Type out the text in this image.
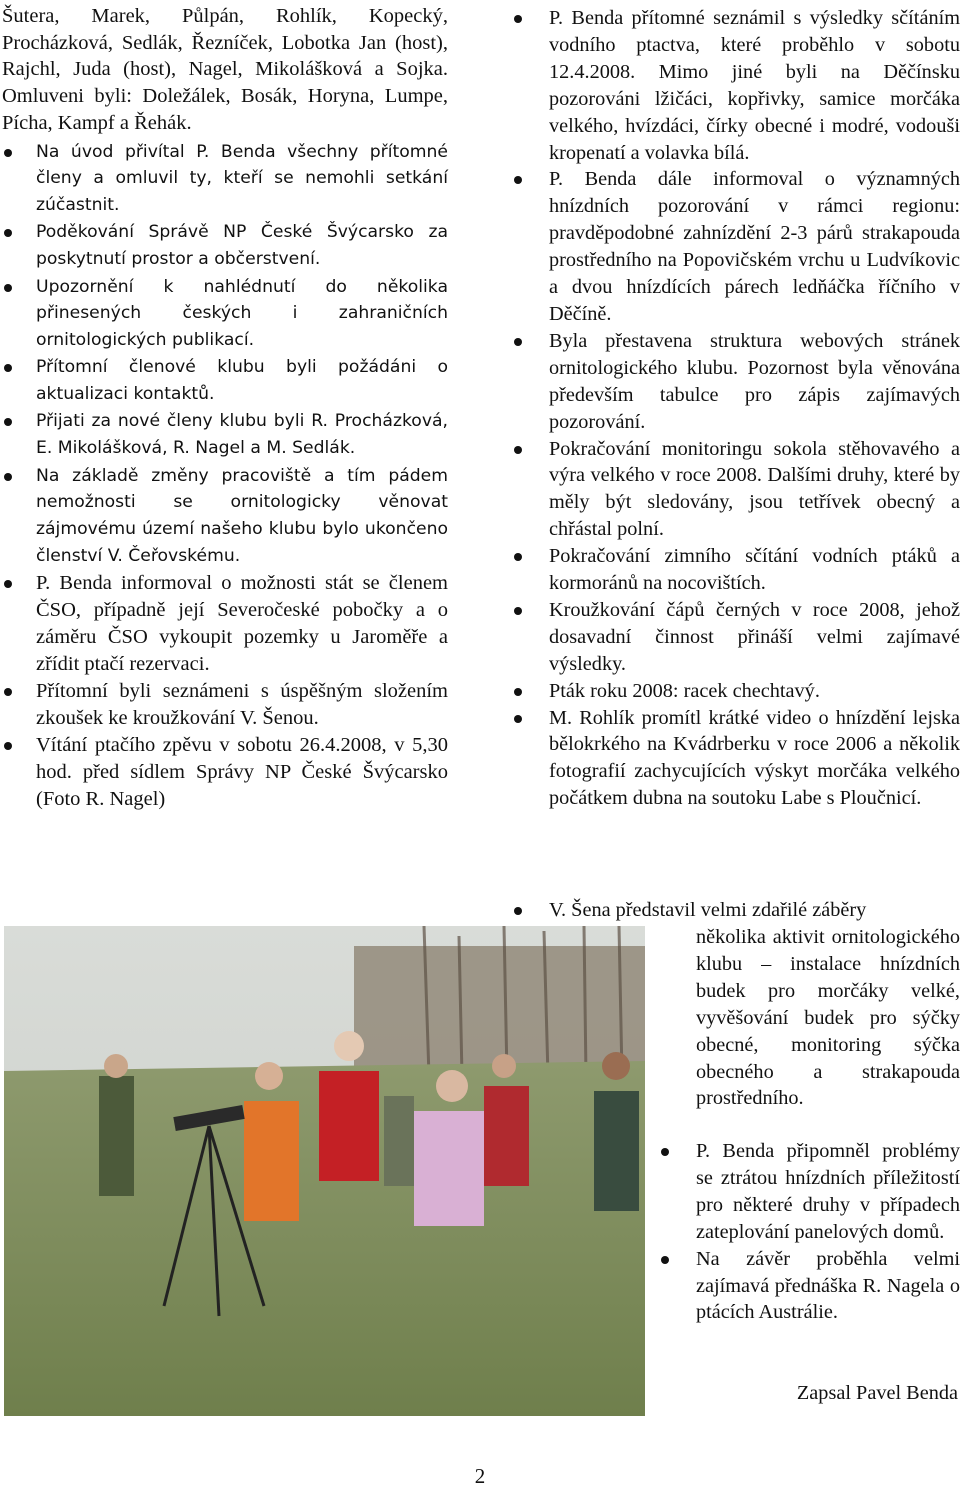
Šutera, Marek, Půlpán, Rohlík, Kopecký, Procházková, Sedlák, Řezníček, Lobotka Jan (host), Rajchl, Juda (host), Nagel, Mikolášková a Sojka. Omluveni byli: Doležálek, Bosák, Horyna, Lumpe, Pícha, Kampf a Řehák.

Na úvod přivítal P. Benda všechny přítomné členy a omluvil ty, kteří se nemohli setkání zúčastnit.
Poděkování Správě NP České Švýcarsko za poskytnutí prostor a občerstvení.
Upozornění k nahlédnutí do několika přinesených českých i zahraničních ornitologických publikací.
Přítomní členové klubu byli požádáni o aktualizaci kontaktů.
Přijati za nové členy klubu byli R. Procházková, E. Mikolášková, R. Nagel a M. Sedlák.
Na základě změny pracoviště a tím pádem nemožnosti se ornitologicky věnovat zájmovému území našeho klubu bylo ukončeno členství V. Čeřovskému.
P. Benda informoval o možnosti stát se členem ČSO, případně její Severočeské pobočky a o záměru ČSO vykoupit pozemky u Jaroměře a zřídit ptačí rezervaci.
Přítomní byli seznámeni s úspěšným složením zkoušek ke kroužkování V. Šenou.
Vítání ptačího zpěvu v sobotu 26.4.2008, v 5,30 hod. před sídlem Správy NP České Švýcarsko (Foto R. Nagel)
P. Benda přítomné seznámil s výsledky sčítáním vodního ptactva, které proběhlo v sobotu 12.4.2008. Mimo jiné byli na Děčínsku pozorováni lžičáci, kopřivky, samice morčáka velkého, hvízdáci, čírky obecné i modré, vodouši kropenatí a volavka bílá.
P. Benda dále informoval o významných hnízdních pozorování v rámci regionu: pravděpodobné zahnízdění 2-3 párů strakapouda prostředního na Popovičském vrchu u Ludvíkovic a dvou hnízdících párech ledňáčka říčního v Děčíně.
Byla přestavena struktura webových stránek ornitologického klubu. Pozornost byla věnována především tabulce pro zápis zajímavých pozorování.
Pokračování monitoringu sokola stěhovavého a výra velkého v roce 2008. Dalšími druhy, které by měly být sledovány, jsou tetřívek obecný a chřástal polní.
Pokračování zimního sčítání vodních ptáků a kormoránů na nocovištích.
Kroužkování čápů černých v roce 2008, jehož dosavadní činnost přináší velmi zajímavé výsledky.
Pták roku 2008: racek chechtavý.
M. Rohlík promítl krátké video o hnízdění lejska bělokrkého na Kvádrberku v roce 2006 a několik fotografií zachycujících výskyt morčáka velkého počátkem dubna na soutoku Labe s Ploučnicí.
V. Šena představil velmi zdařilé záběry

několika aktivit ornitologického klubu – instalace hnízdních budek pro morčáky velké, vyvěšování budek pro sýčky obecné, monitoring sýčka obecného a strakapouda prostředního.

P. Benda připomněl problémy se ztrátou hnízdních příležitostí pro některé druhy v případech zateplování panelových domů.
Na závěr proběhla velmi zajímavá přednáška R. Nagela o ptácích Austrálie.
Zapsal Pavel Benda
2
